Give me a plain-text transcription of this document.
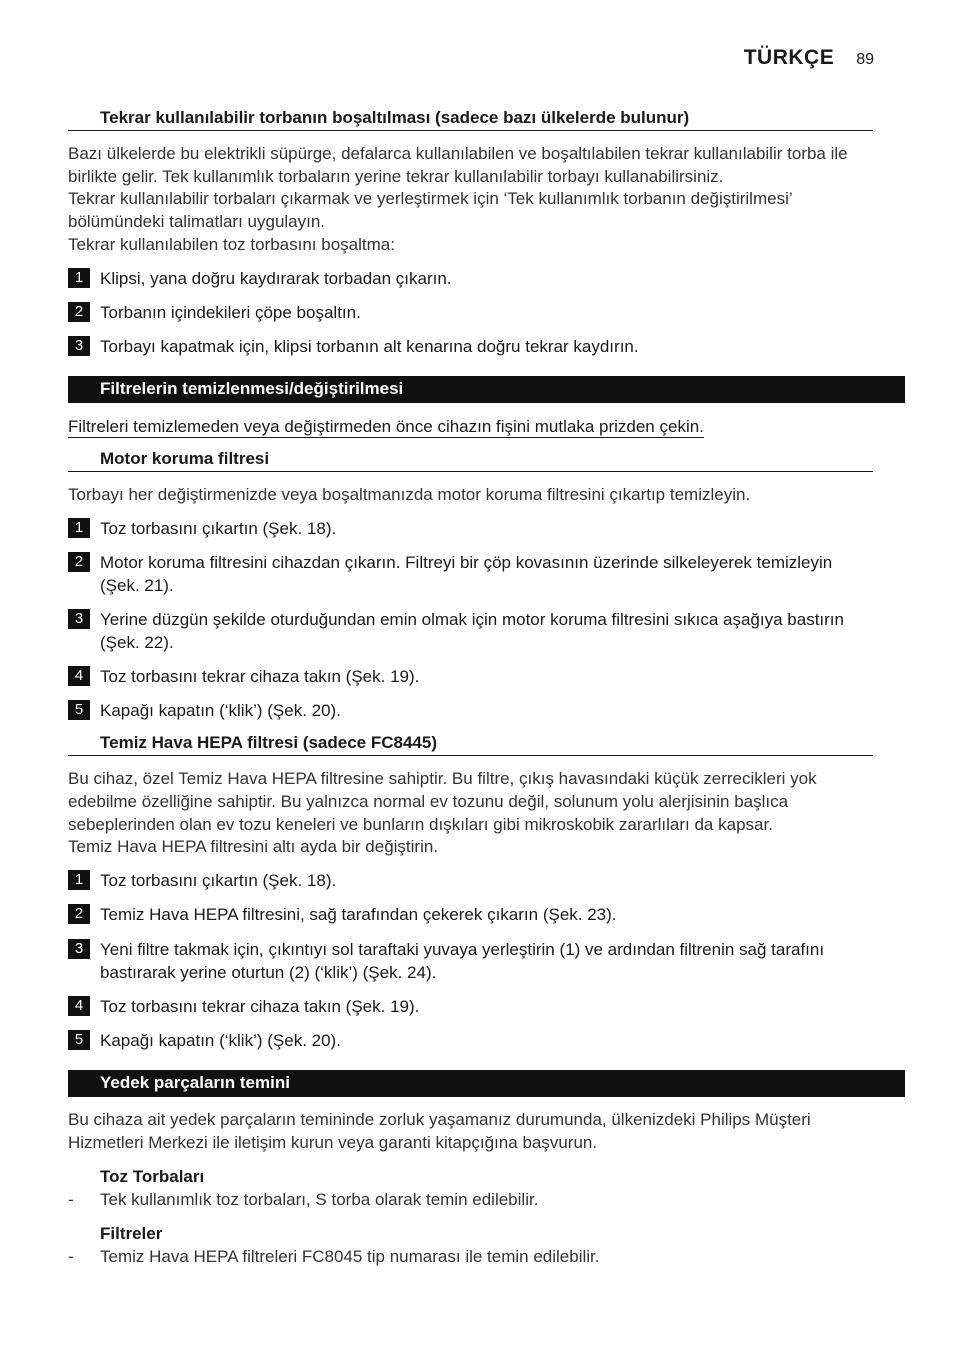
TÜRKÇE 89
Tekrar kullanılabilir torbanın boşaltılması (sadece bazı ülkelerde bulunur)
Bazı ülkelerde bu elektrikli süpürge, defalarca kullanılabilen ve boşaltılabilen tekrar kullanılabilir torba ile birlikte gelir. Tek kullanımlık torbaların yerine tekrar kullanılabilir torbayı kullanabilirsiniz.
Tekrar kullanılabilir torbaları çıkarmak ve yerleştirmek için ‘Tek kullanımlık torbanın değiştirilmesi’ bölümündeki talimatları uygulayın.
Tekrar kullanılabilen toz torbasını boşaltma:
1 Klipsi, yana doğru kaydırarak torbadan çıkarın.
2 Torbanın içindekileri çöpe boşaltın.
3 Torbayı kapatmak için, klipsi torbanın alt kenarına doğru tekrar kaydırın.
Filtrelerin temizlenmesi/değiştirilmesi
Filtreleri temizlemeden veya değiştirmeden önce cihazın fişini mutlaka prizden çekin.
Motor koruma filtresi
Torbayı her değiştirmenizde veya boşaltmanızda motor koruma filtresini çıkartıp temizleyin.
1 Toz torbasını çıkartın (Şek. 18).
2 Motor koruma filtresini cihazdan çıkarın. Filtreyi bir çöp kovasının üzerinde silkeleyerek temizleyin (Şek. 21).
3 Yerine düzgün şekilde oturduğundan emin olmak için motor koruma filtresini sıkıca aşağıya bastırın (Şek. 22).
4 Toz torbasını tekrar cihaza takın (Şek. 19).
5 Kapağı kapatın (‘klik’) (Şek. 20).
Temiz Hava HEPA filtresi (sadece FC8445)
Bu cihaz, özel Temiz Hava HEPA filtresine sahiptir. Bu filtre, çıkış havasındaki küçük zerrecikleri yok edebilme özelliğine sahiptir. Bu yalnızca normal ev tozunu değil, solunum yolu alerjisinin başlıca sebeplerinden olan ev tozu keneleri ve bunların dışkıları gibi mikroskobik zararlıları da kapsar.
Temiz Hava HEPA filtresini altı ayda bir değiştirin.
1 Toz torbasını çıkartın (Şek. 18).
2 Temiz Hava HEPA filtresini, sağ tarafından çekerek çıkarın (Şek. 23).
3 Yeni filtre takmak için, çıkıntıyı sol taraftaki yuvaya yerleştirin (1) ve ardından filtrenin sağ tarafını bastırarak yerine oturtun (2) (‘klik’) (Şek. 24).
4 Toz torbasını tekrar cihaza takın (Şek. 19).
5 Kapağı kapatın (‘klik’) (Şek. 20).
Yedek parçaların temini
Bu cihaza ait yedek parçaların temininde zorluk yaşamanız durumunda, ülkenizdeki Philips Müşteri Hizmetleri Merkezi ile iletişim kurun veya garanti kitapçığına başvurun.
Toz Torbaları
-	Tek kullanımlık toz torbaları, S torba olarak temin edilebilir.
Filtreler
-	Temiz Hava HEPA filtreleri FC8045 tip numarası ile temin edilebilir.
